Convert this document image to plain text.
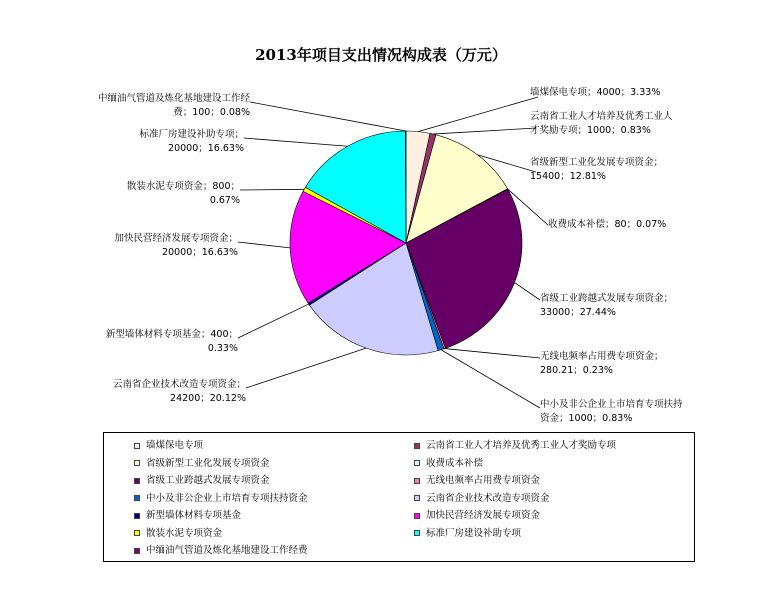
2013年项目支出情况构成表（万元）
墙煤保电专项；4000；3.33%
云南省工业人才培养及优秀工业人才奖励专项；1000；0.83%
省级新型工业化发展专项资金；15400；12.81%
收费成本补偿；80；0.07%
省级工业跨越式发展专项资金；33000；27.44%
无线电频率占用费专项资金；280.21；0.23%
中小及非公企业上市培育专项扶持资金；1000；0.83%
云南省企业技术改造专项资金；24200；20.12%
新型墙体材料专项基金；400；0.33%
加快民营经济发展专项资金；20000；16.63%
散装水泥专项资金；800；0.67%
标准厂房建设补助专项；20000；16.63%
中缅油气管道及炼化基地建设工作经费；100；0.08%
墙煤保电专项	云南省工业人才培养及优秀工业人才奖励专项
省级新型工业化发展专项资金	收费成本补偿
省级工业跨越式发展专项资金	无线电频率占用费专项资金
中小及非公企业上市培育专项扶持资金	云南省企业技术改造专项资金
新型墙体材料专项基金	加快民营经济发展专项资金
散装水泥专项资金	标准厂房建设补助专项
中缅油气管道及炼化基地建设工作经费
